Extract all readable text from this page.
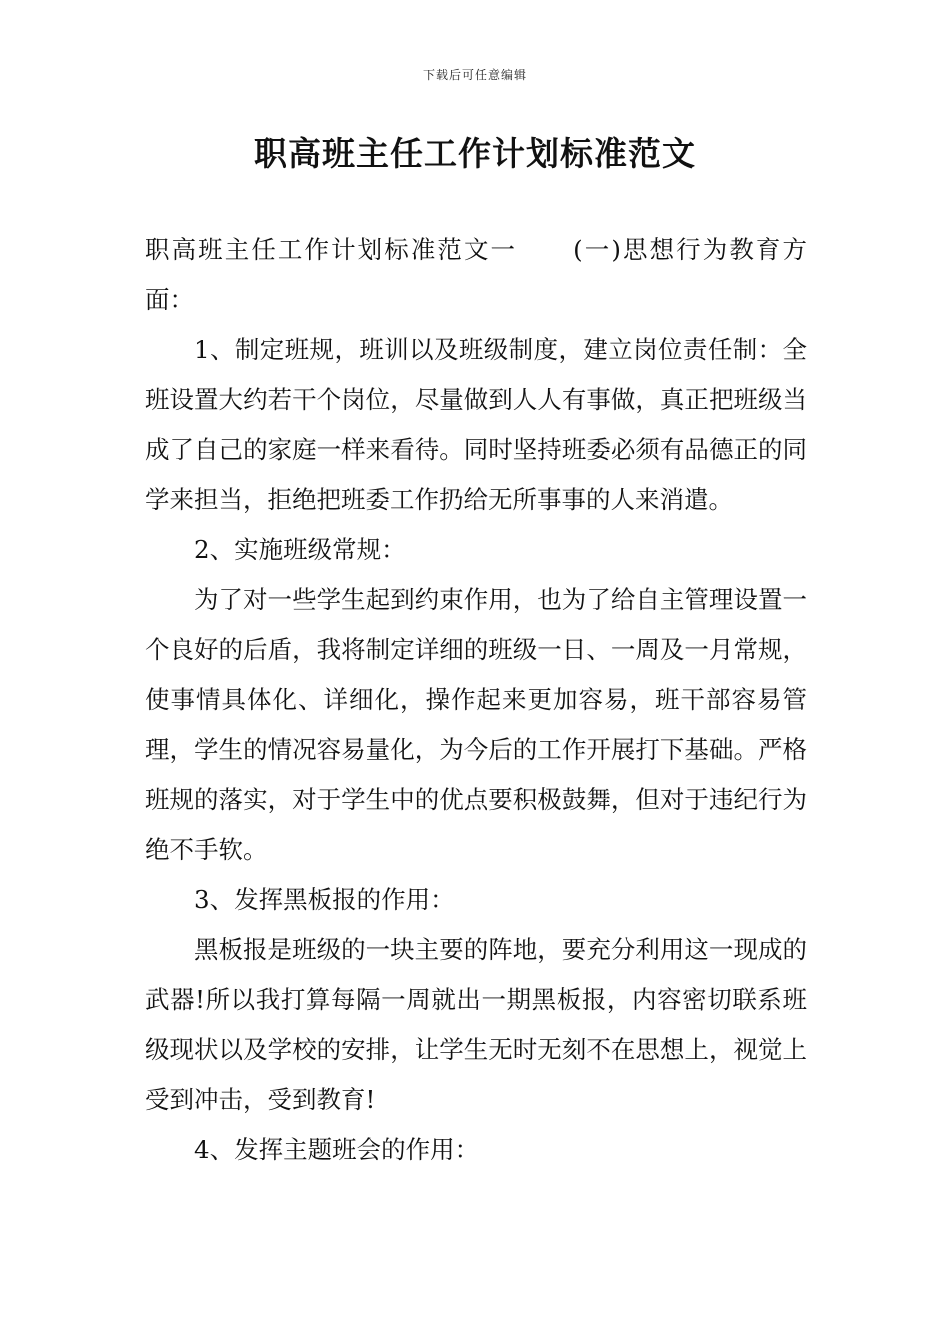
下载后可任意编辑
职高班主任工作计划标准范文

职高班主任工作计划标准范文一 (一)思想行为教育方面：

1、制定班规，班训以及班级制度，建立岗位责任制：全班设置大约若干个岗位，尽量做到人人有事做，真正把班级当成了自己的家庭一样来看待。同时坚持班委必须有品德正的同学来担当，拒绝把班委工作扔给无所事事的人来消遣。

2、实施班级常规：

为了对一些学生起到约束作用，也为了给自主管理设置一个良好的后盾，我将制定详细的班级一日、一周及一月常规，使事情具体化、详细化，操作起来更加容易，班干部容易管理，学生的情况容易量化，为今后的工作开展打下基础。严格班规的落实，对于学生中的优点要积极鼓舞，但对于违纪行为绝不手软。

3、发挥黑板报的作用：

黑板报是班级的一块主要的阵地，要充分利用这一现成的武器!所以我打算每隔一周就出一期黑板报，内容密切联系班级现状以及学校的安排，让学生无时无刻不在思想上，视觉上受到冲击，受到教育!

4、发挥主题班会的作用：
